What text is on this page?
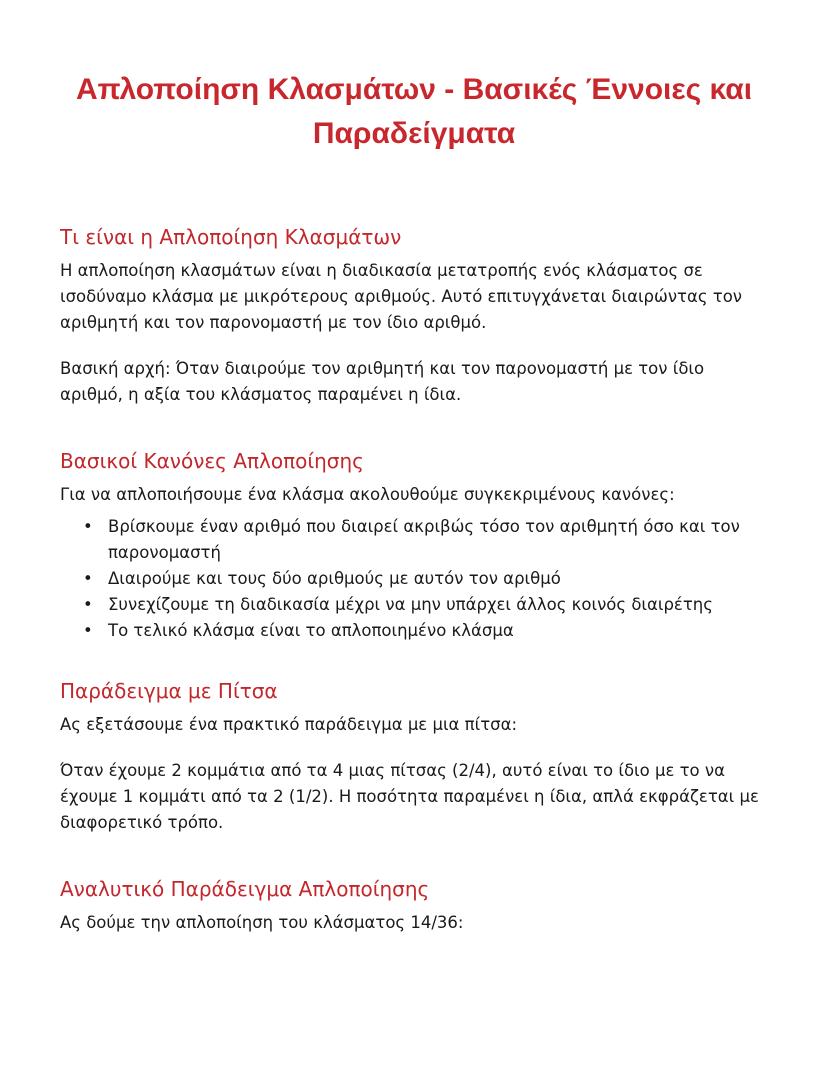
Απλοποίηση Κλασμάτων - Βασικές Έννοιες και Παραδείγματα
Τι είναι η Απλοποίηση Κλασμάτων

Η απλοποίηση κλασμάτων είναι η διαδικασία μετατροπής ενός κλάσματος σε ισοδύναμο κλάσμα με μικρότερους αριθμούς. Αυτό επιτυγχάνεται διαιρώντας τον αριθμητή και τον παρονομαστή με τον ίδιο αριθμό.

Βασική αρχή: Όταν διαιρούμε τον αριθμητή και τον παρονομαστή με τον ίδιο αριθμό, η αξία του κλάσματος παραμένει η ίδια.

Βασικοί Κανόνες Απλοποίησης

Για να απλοποιήσουμε ένα κλάσμα ακολουθούμε συγκεκριμένους κανόνες:

• Βρίσκουμε έναν αριθμό που διαιρεί ακριβώς τόσο τον αριθμητή όσο και τον παρονομαστή
• Διαιρούμε και τους δύο αριθμούς με αυτόν τον αριθμό
• Συνεχίζουμε τη διαδικασία μέχρι να μην υπάρχει άλλος κοινός διαιρέτης
• Το τελικό κλάσμα είναι το απλοποιημένο κλάσμα
Παράδειγμα με Πίτσα

Ας εξετάσουμε ένα πρακτικό παράδειγμα με μια πίτσα:

Όταν έχουμε 2 κομμάτια από τα 4 μιας πίτσας (2/4), αυτό είναι το ίδιο με το να έχουμε 1 κομμάτι από τα 2 (1/2). Η ποσότητα παραμένει η ίδια, απλά εκφράζεται με διαφορετικό τρόπο.

Αναλυτικό Παράδειγμα Απλοποίησης

Ας δούμε την απλοποίηση του κλάσματος 14/36:
